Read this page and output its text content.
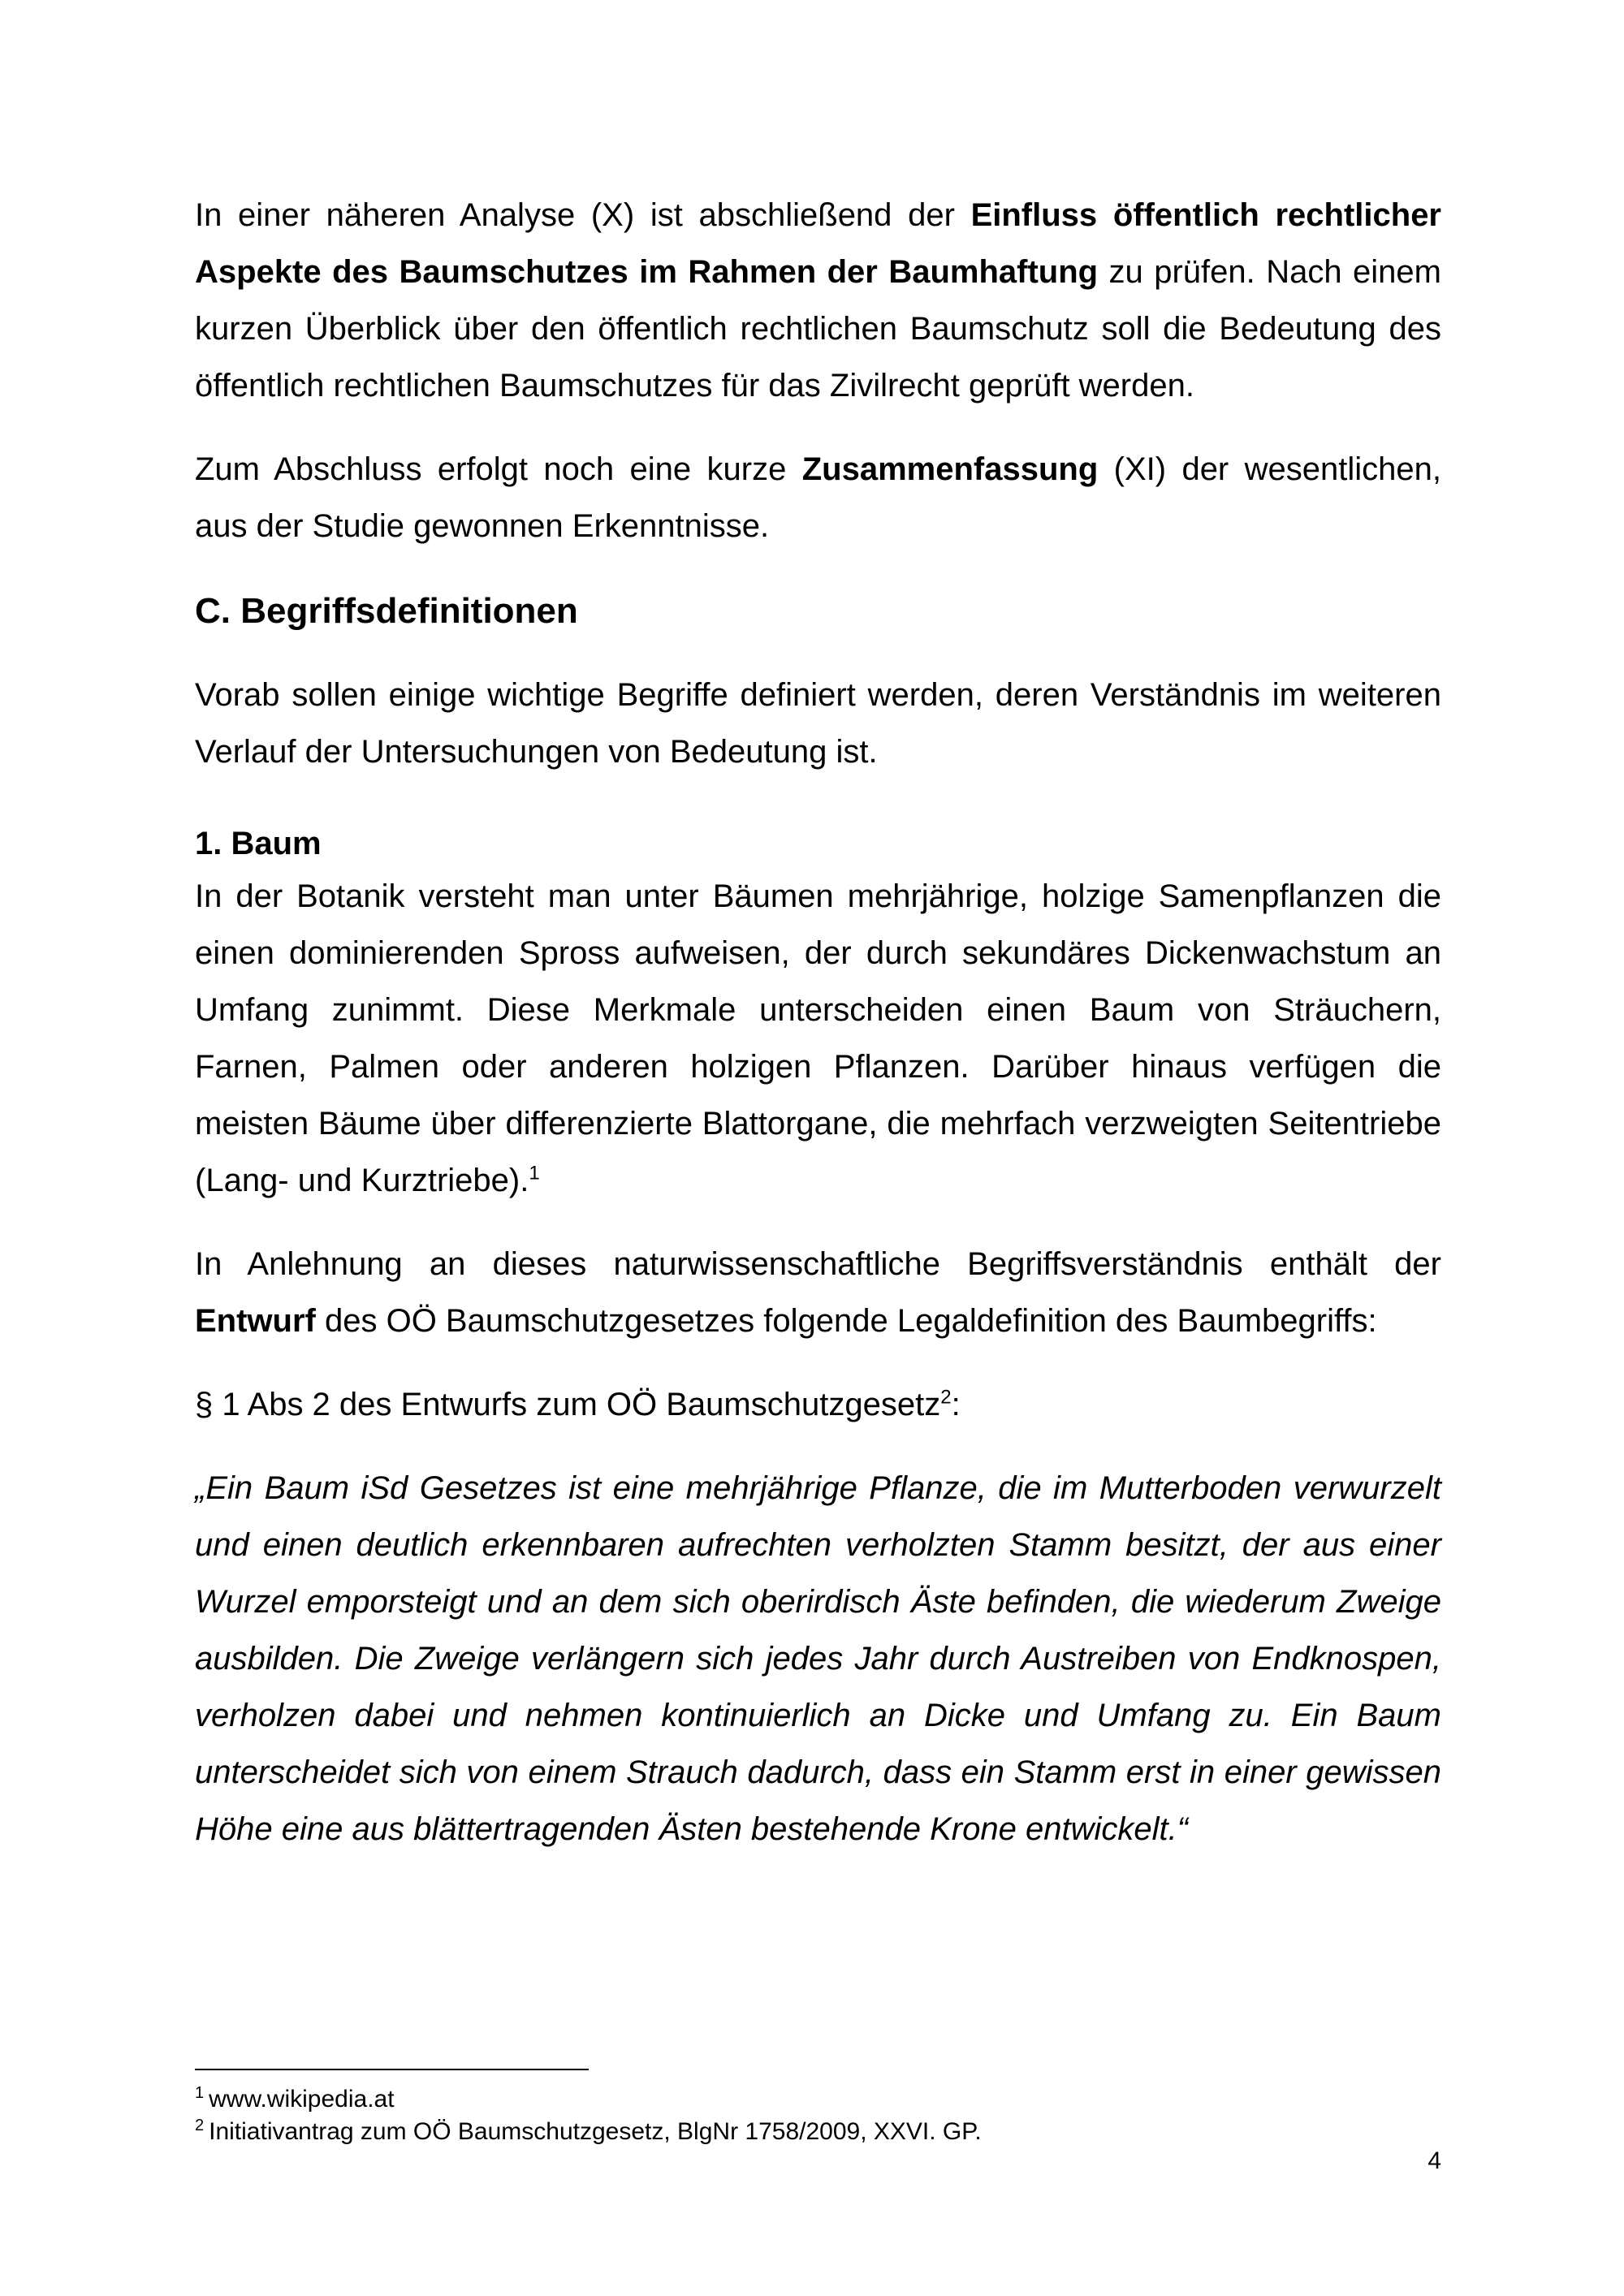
In einer näheren Analyse (X) ist abschließend der Einfluss öffentlich rechtlicher Aspekte des Baumschutzes im Rahmen der Baumhaftung zu prüfen. Nach einem kurzen Überblick über den öffentlich rechtlichen Baumschutz soll die Bedeutung des öffentlich rechtlichen Baumschutzes für das Zivilrecht geprüft werden.

Zum Abschluss erfolgt noch eine kurze Zusammenfassung (XI) der wesentlichen, aus der Studie gewonnen Erkenntnisse.

C. Begriffsdefinitionen

Vorab sollen einige wichtige Begriffe definiert werden, deren Verständnis im weiteren Verlauf der Untersuchungen von Bedeutung ist.

1. Baum

In der Botanik versteht man unter Bäumen mehrjährige, holzige Samenpflanzen die einen dominierenden Spross aufweisen, der durch sekundäres Dickenwachstum an Umfang zunimmt. Diese Merkmale unterscheiden einen Baum von Sträuchern, Farnen, Palmen oder anderen holzigen Pflanzen. Darüber hinaus verfügen die meisten Bäume über differenzierte Blattorgane, die mehrfach verzweigten Seitentriebe (Lang- und Kurztriebe).$^1$

In Anlehnung an dieses naturwissenschaftliche Begriffsverständnis enthält der Entwurf des OÖ Baumschutzgesetzes folgende Legaldefinition des Baumbegriffs:

§ 1 Abs 2 des Entwurfs zum OÖ Baumschutzgesetz$^2$:

„Ein Baum iSd Gesetzes ist eine mehrjährige Pflanze, die im Mutterboden verwurzelt und einen deutlich erkennbaren aufrechten verholzten Stamm besitzt, der aus einer Wurzel emporsteigt und an dem sich oberirdisch Äste befinden, die wiederum Zweige ausbilden. Die Zweige verlängern sich jedes Jahr durch Austreiben von Endknospen, verholzen dabei und nehmen kontinuierlich an Dicke und Umfang zu. Ein Baum unterscheidet sich von einem Strauch dadurch, dass ein Stamm erst in einer gewissen Höhe eine aus blättertragenden Ästen bestehende Krone entwickelt.“

$^1$ www.wikipedia.at
$^2$ Initiativantrag zum OÖ Baumschutzgesetz, BlgNr 1758/2009, XXVI. GP.
4
